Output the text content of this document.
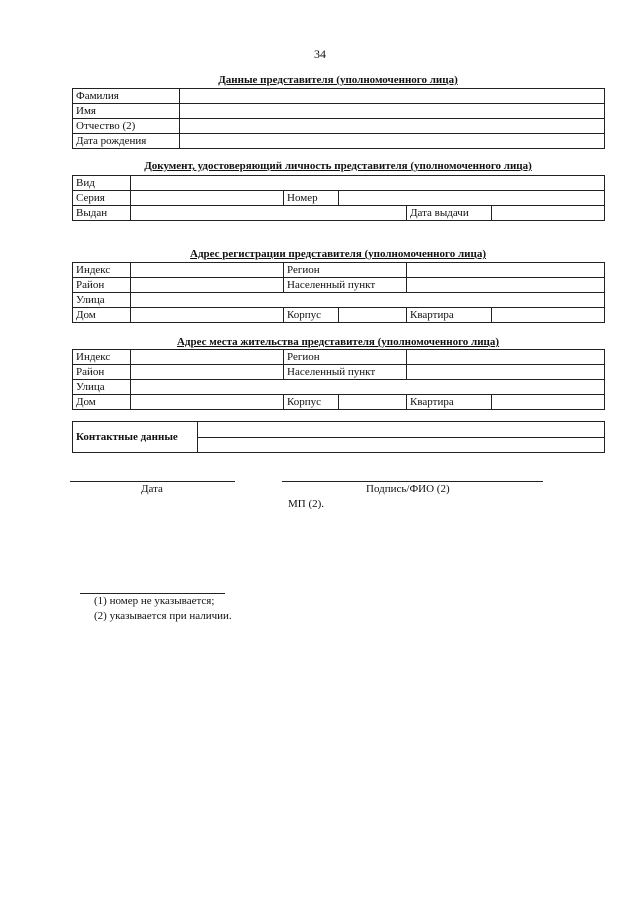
34
Данные представителя (уполномоченного лица)
Фамилия	
Имя	
Отчество (2)	
Дата рождения	
Документ, удостоверяющий личность представителя (уполномоченного лица)
Вид					
Серия		Номер			
Выдан				Дата выдачи	
Адрес регистрации представителя (уполномоченного лица)
Индекс		Регион			
Район		Населенный пункт			
Улица					
Дом		Корпус		Квартира	
Адрес места жительства представителя (уполномоченного лица)
Индекс		Регион			
Район		Населенный пункт			
Улица					
Дом		Корпус		Квартира	
Контактные данные	

Дата	Подпись/ФИО (2)
МП (2).
(1) номер не указывается;
(2) указывается при наличии.
